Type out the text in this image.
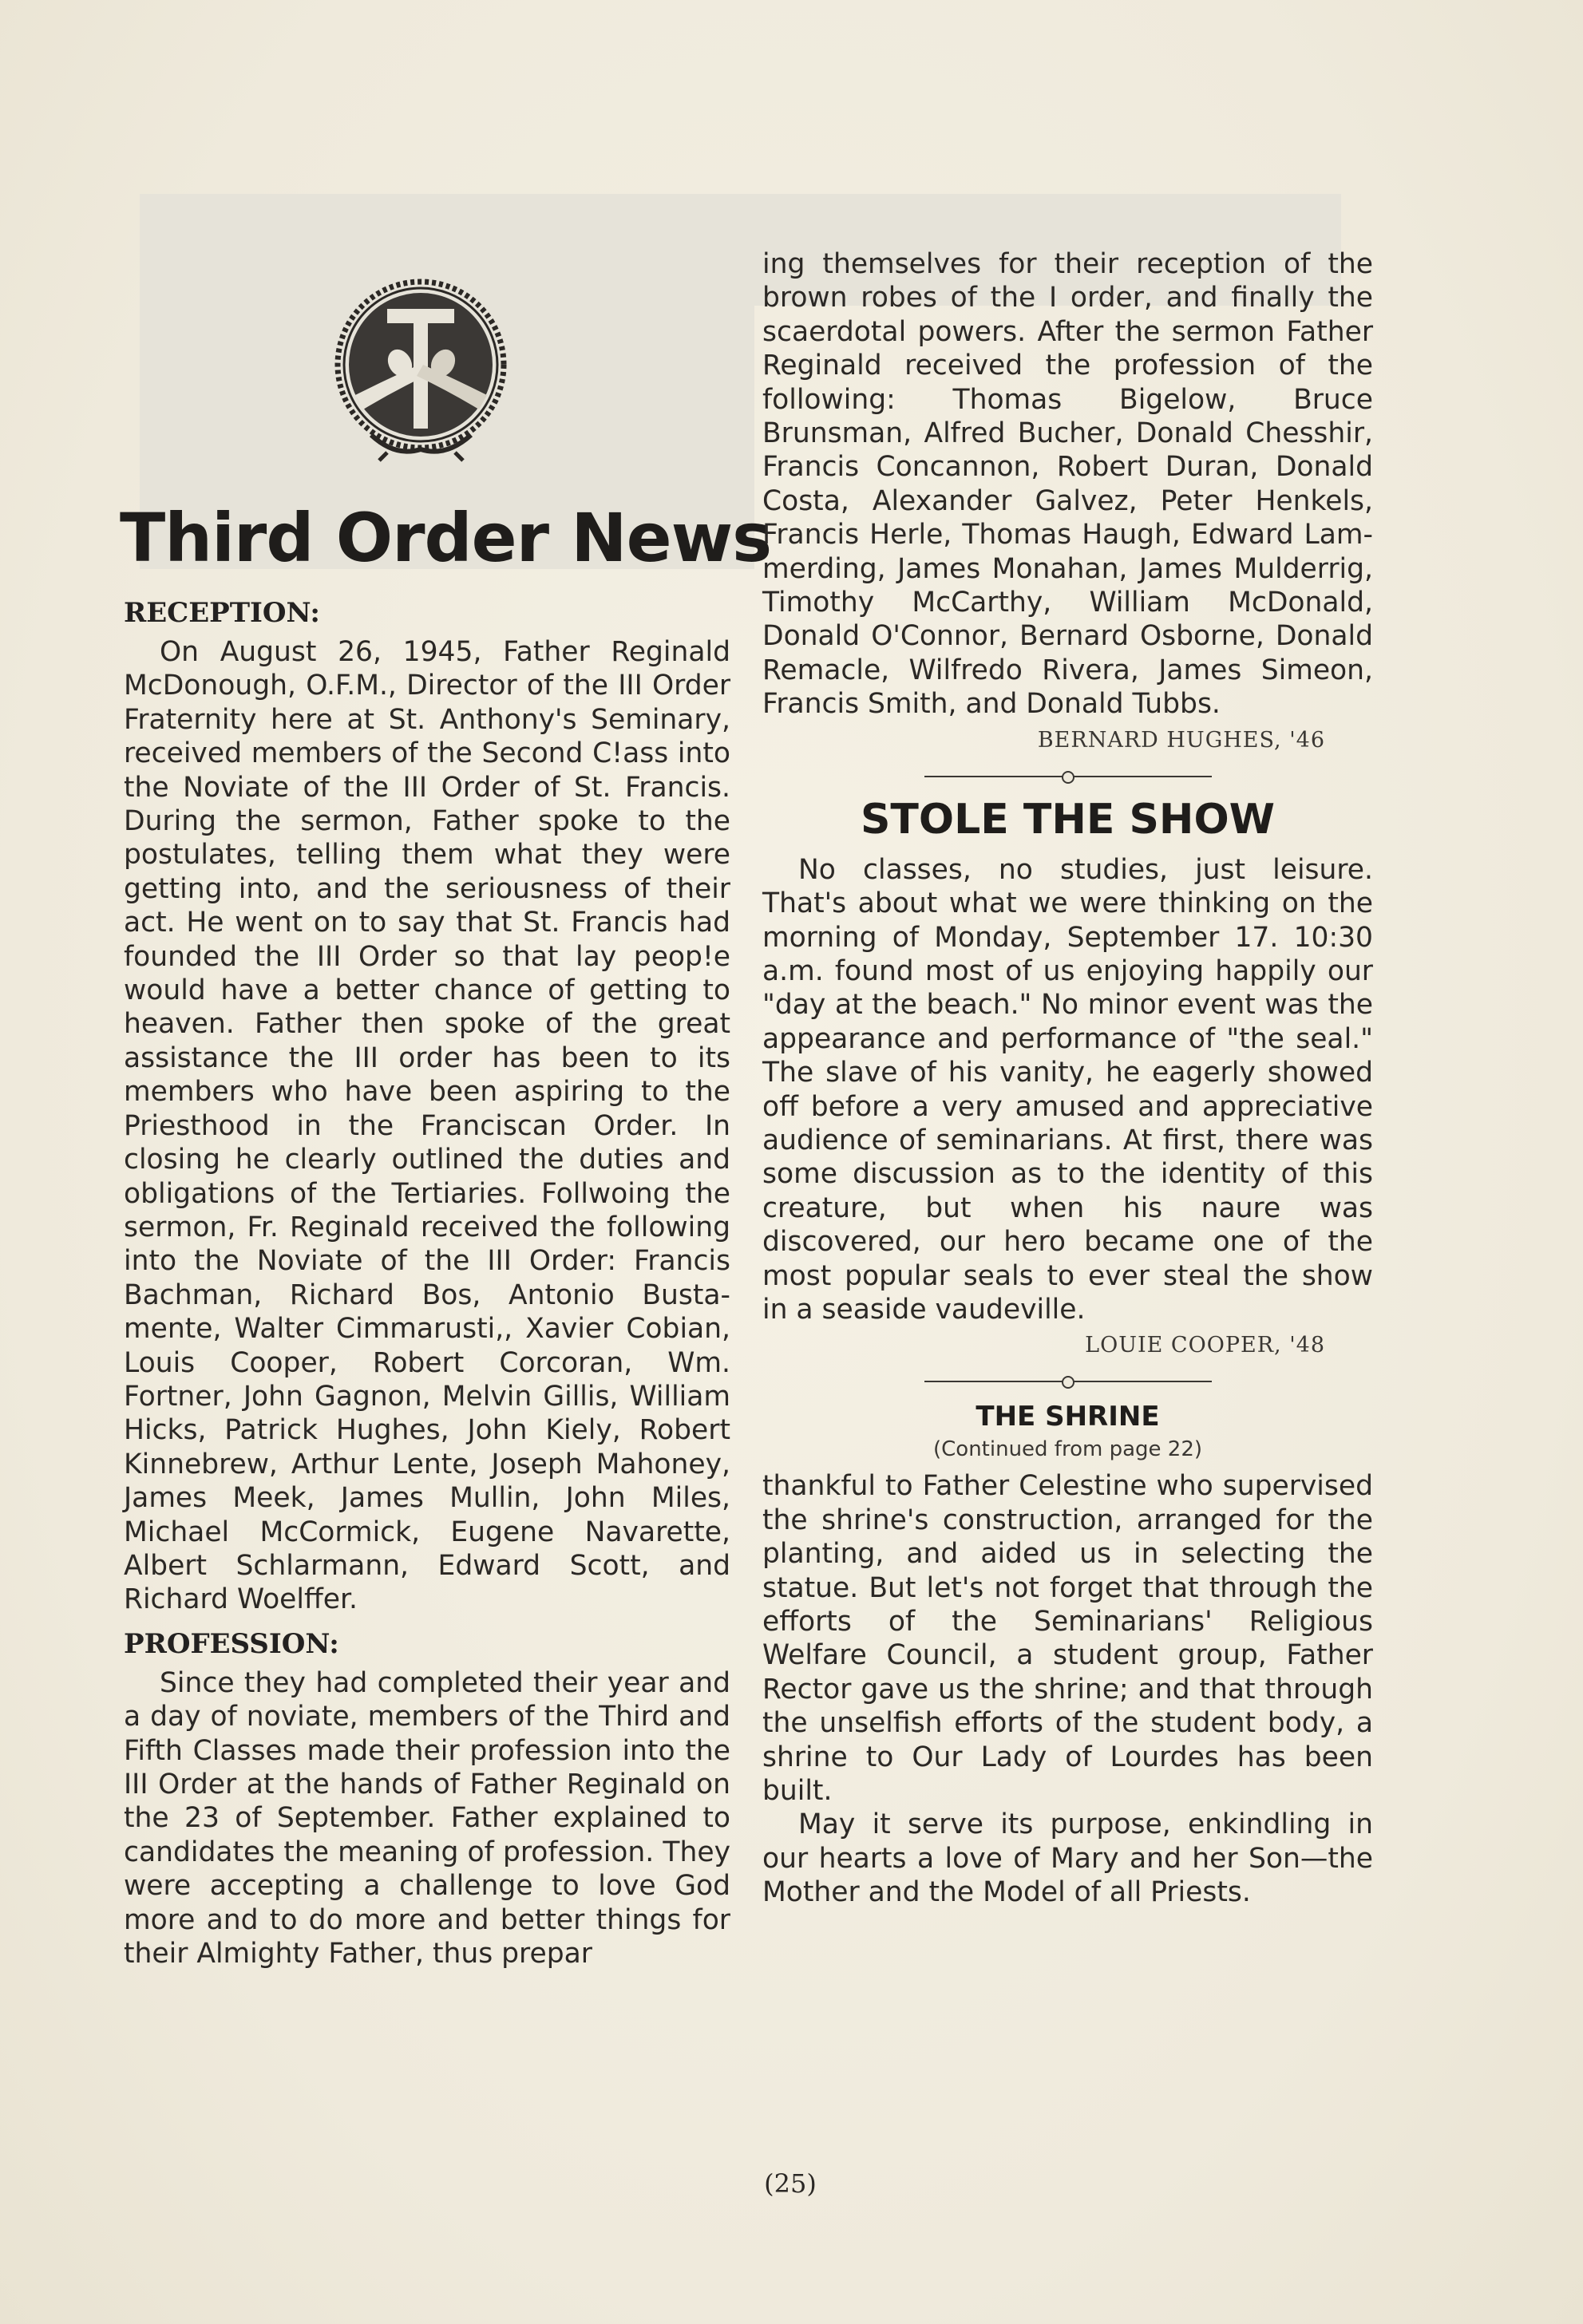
Third Order News
RECEPTION:

On August 26, 1945, Father Reginald McDonough, O.F.M., Director of the III Order Fraternity here at St. Anthony's Seminary, received members of the Second C!ass into the Noviate of the III Order of St. Francis. During the sermon, Father spoke to the postulates, telling them what they were getting into, and the seriousness of their act. He went on to say that St. Francis had founded the III Order so that lay peop!e would have a better chance of getting to heaven. Father then spoke of the great assistance the III order has been to its members who have been aspiring to the Priesthood in the Franciscan Order. In closing he clearly outlined the duties and obligations of the Tertiaries. Follwoing the sermon, Fr. Reginald received the following into the Noviate of the III Order: Francis Bachman, Richard Bos, Antonio Bustamente, Walter Cimmarusti,, Xavier Cobian, Louis Cooper, Robert Corcoran, Wm. Fortner, John Gagnon, Melvin Gillis, William Hicks, Patrick Hughes, John Kiely, Robert Kinnebrew, Arthur Lente, Joseph Mahoney, James Meek, James Mullin, John Miles, Michael McCormick, Eugene Navarette, Albert Schlarmann, Edward Scott, and Richard Woelffer.

PROFESSION:

Since they had completed their year and a day of noviate, members of the Third and Fifth Classes made their profession into the III Order at the hands of Father Reginald on the 23 of September. Father explained to candidates the meaning of profession. They were accepting a challenge to love God more and to do more and better things for their Almighty Father, thus prepar

ing themselves for their reception of the brown robes of the I order, and finally the scaerdotal powers. After the sermon Father Reginald received the profession of the following: Thomas Bigelow, Bruce Brunsman, Alfred Bucher, Donald Chesshir, Francis Concannon, Robert Duran, Donald Costa, Alexander Galvez, Peter Henkels, Francis Herle, Thomas Haugh, Edward Lammerding, James Monahan, James Mulderrig, Timothy McCarthy, William McDonald, Donald O'Connor, Bernard Osborne, Donald Remacle, Wilfredo Rivera, James Simeon, Francis Smith, and Donald Tubbs.

BERNARD HUGHES, '46
STOLE THE SHOW

No classes, no studies, just leisure. That's about what we were thinking on the morning of Monday, September 17. 10:30 a.m. found most of us enjoying happily our "day at the beach." No minor event was the appearance and performance of "the seal." The slave of his vanity, he eagerly showed off before a very amused and appreciative audience of seminarians. At first, there was some discussion as to the identity of this creature, but when his naure was discovered, our hero became one of the most popular seals to ever steal the show in a seaside vaudeville.

LOUIE COOPER, '48
THE SHRINE
(Continued from page 22)

thankful to Father Celestine who supervised the shrine's construction, arranged for the planting, and aided us in selecting the statue. But let's not forget that through the efforts of the Seminarians' Religious Welfare Council, a student group, Father Rector gave us the shrine; and that through the unselfish efforts of the student body, a shrine to Our Lady of Lourdes has been built.

May it serve its purpose, enkindling in our hearts a love of Mary and her Son—the Mother and the Model of all Priests.

(25)
